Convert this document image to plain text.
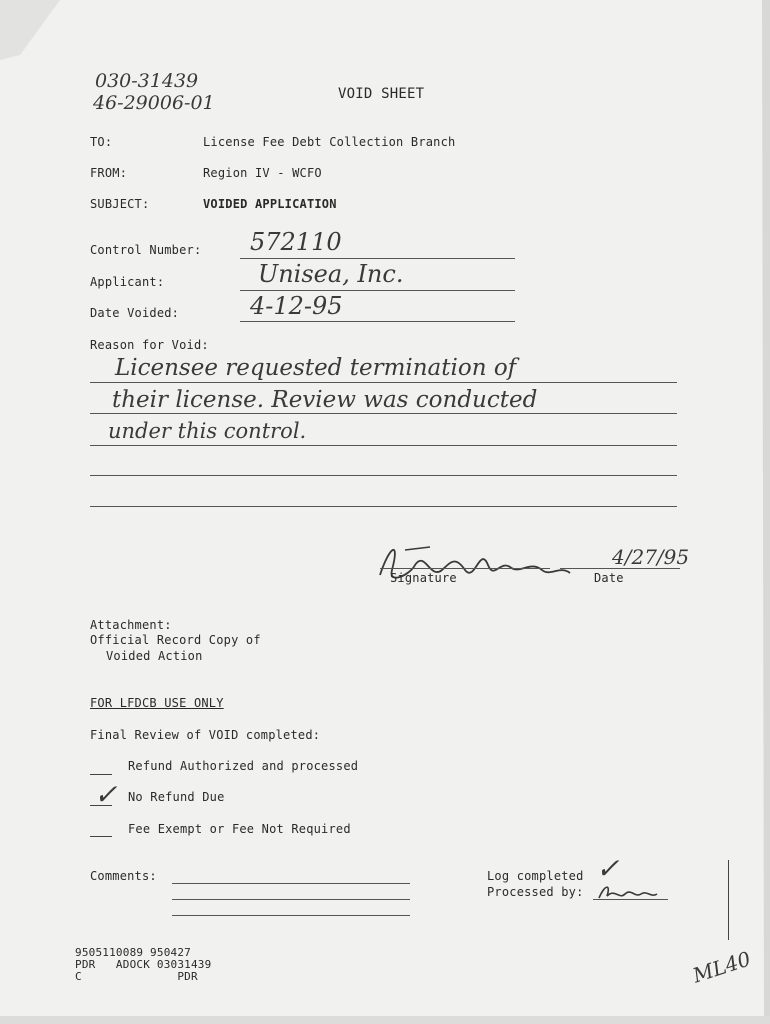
030-31439
46-29006-01	VOID SHEET
TO:	License Fee Debt Collection Branch
FROM:	Region IV - WCFO
SUBJECT:	VOIDED APPLICATION
Control Number: 572110
Applicant:	Unisea, Inc.
Date Voided:	4-12-95
Reason for Void:
Licensee requested termination of
their license. Review was conducted
under this control.
Signature
4/27/95
Date
Attachment:
Official Record Copy of
Voided Action
FOR LFDCB USE ONLY
Final Review of VOID completed:
Refund Authorized and processed
✓ No Refund Due
Fee Exempt or Fee Not Required
Comments:	Log completed ✓
Processed by:
9505110089 950427
PDR   ADOCK 03031439
C              PDR	ML40
